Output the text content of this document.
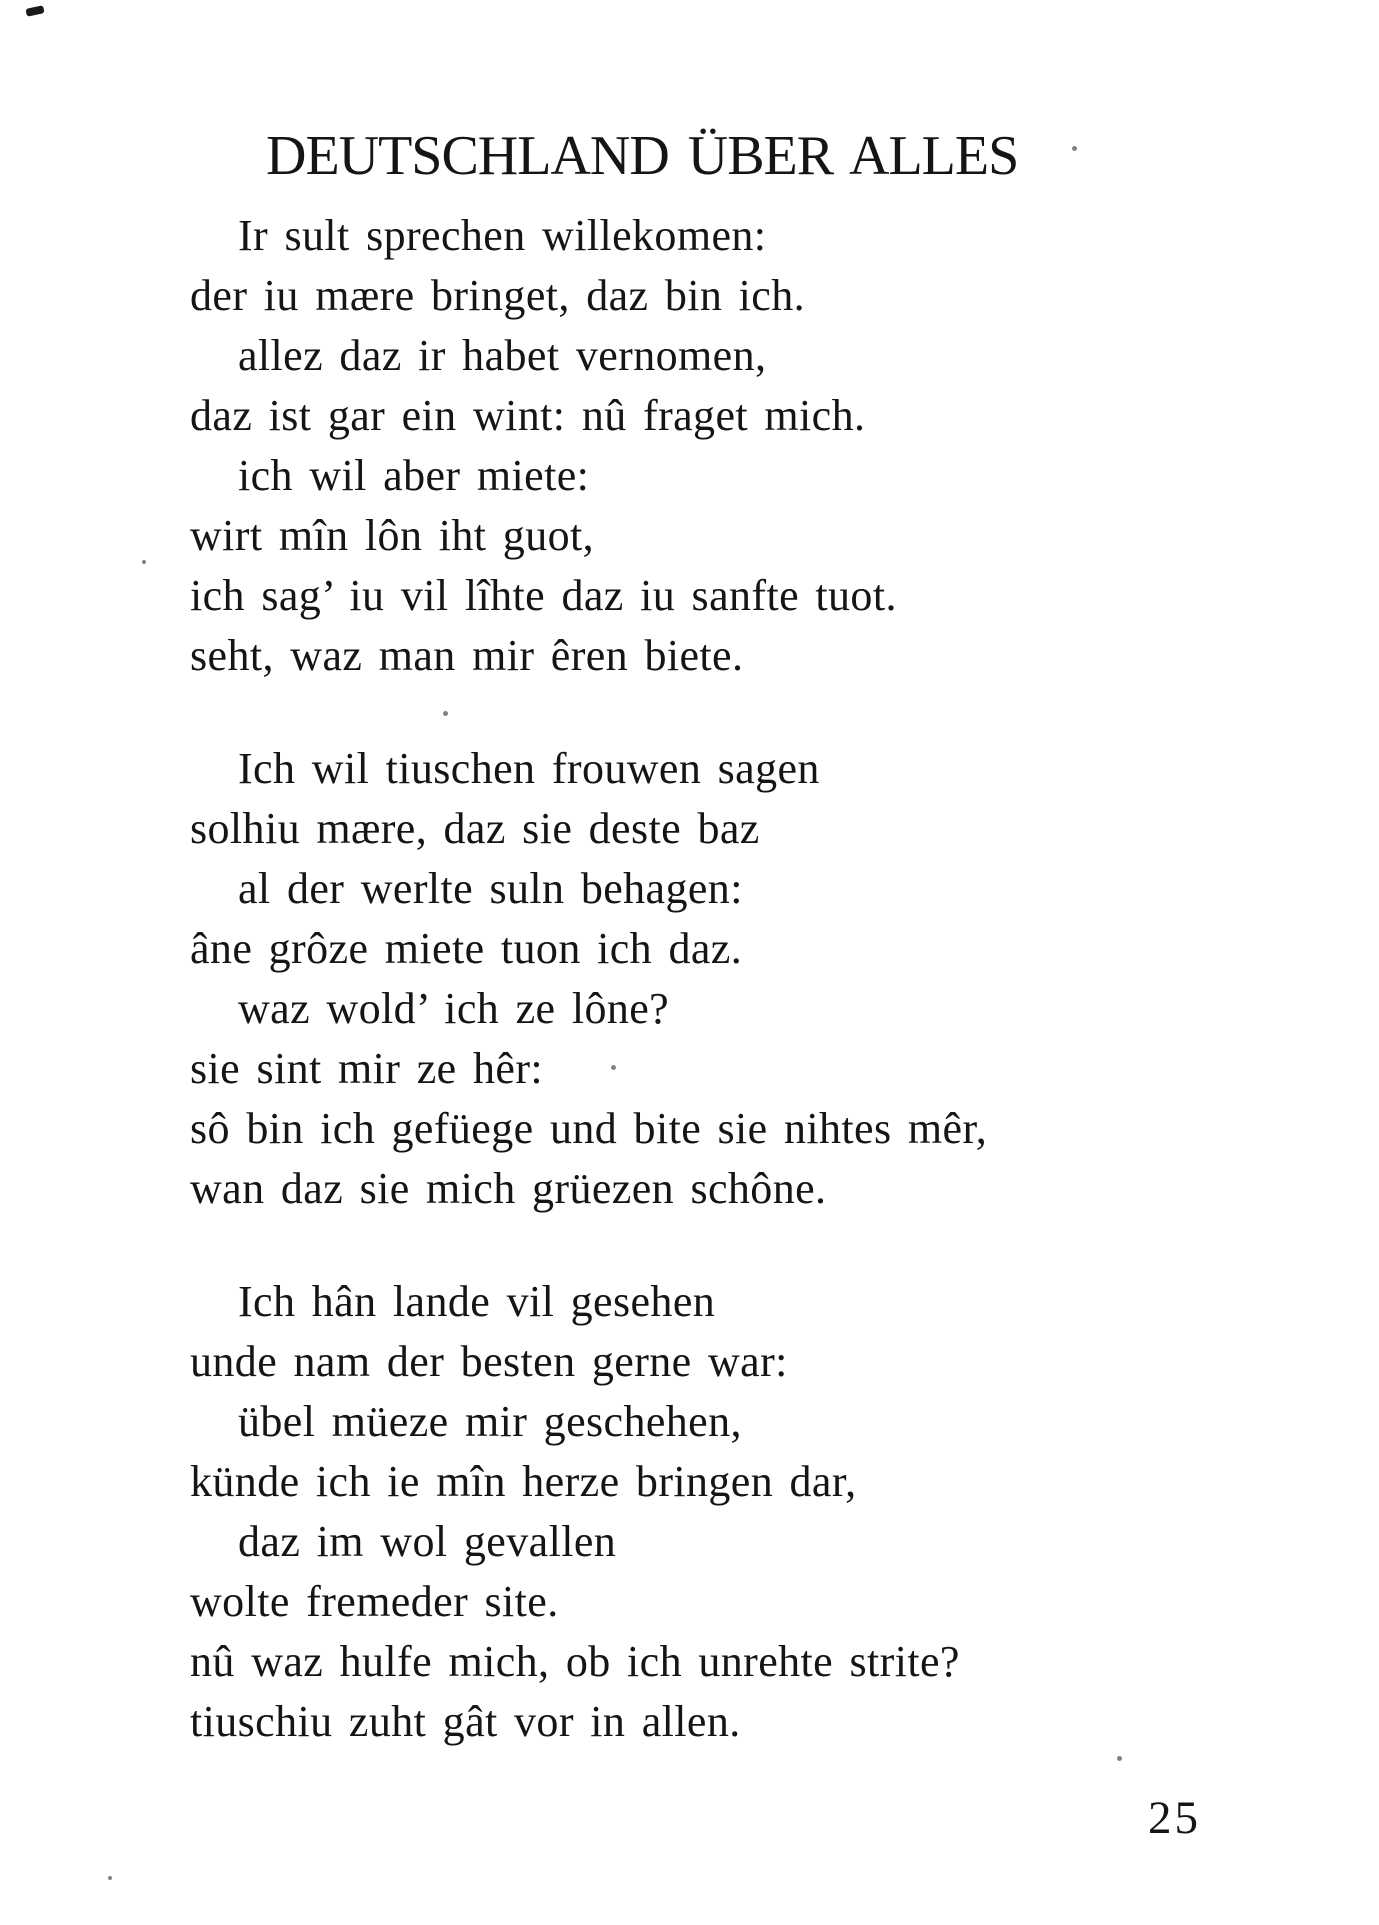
DEUTSCHLAND ÜBER ALLES
Ir sult sprechen willekomen:
der iu mære bringet, daz bin ich.
allez daz ir habet vernomen,
daz ist gar ein wint: nû fraget mich.
ich wil aber miete:
wirt mîn lôn iht guot,
ich sag’ iu vil lîhte daz iu sanfte tuot.
seht, waz man mir êren biete.
Ich wil tiuschen frouwen sagen
solhiu mære, daz sie deste baz
al der werlte suln behagen:
âne grôze miete tuon ich daz.
waz wold’ ich ze lône?
sie sint mir ze hêr:
sô bin ich gefüege und bite sie nihtes mêr,
wan daz sie mich grüezen schône.
Ich hân lande vil gesehen
unde nam der besten gerne war:
übel müeze mir geschehen,
künde ich ie mîn herze bringen dar,
daz im wol gevallen
wolte fremeder site.
nû waz hulfe mich, ob ich unrehte strite?
tiuschiu zuht gât vor in allen.
25
